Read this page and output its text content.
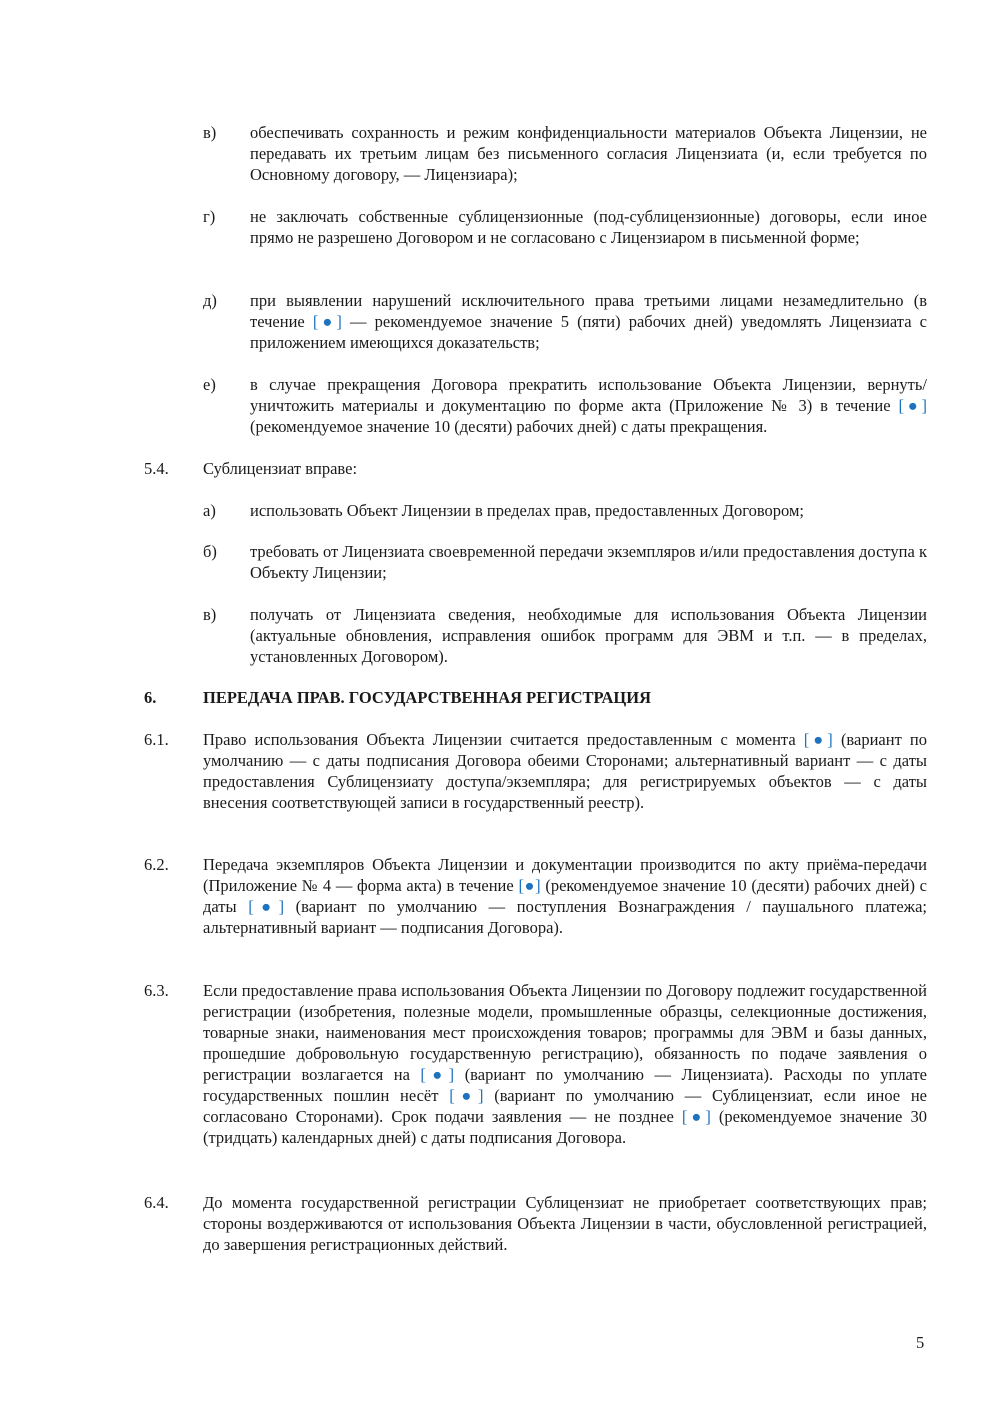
в) обеспечивать сохранность и режим конфиденциальности материалов Объекта Лицензии, не передавать их третьим лицам без письменного согласия Лицензиата (и, если требуется по Основному договору, — Лицензиара);
г) не заключать собственные сублицензионные (под-сублицензионные) договоры, если иное прямо не разрешено Договором и не согласовано с Лицензиаром в письменной форме;
д) при выявлении нарушений исключительного права третьими лицами незамедлительно (в течение [●] — рекомендуемое значение 5 (пяти) рабочих дней) уведомлять Лицензиата с приложением имеющихся доказательств;
е) в случае прекращения Договора прекратить использование Объекта Лицензии, вернуть/уничтожить материалы и документацию по форме акта (Приложение № 3) в течение [●] (рекомендуемое значение 10 (десяти) рабочих дней) с даты прекращения.
5.4. Сублицензиат вправе:
а) использовать Объект Лицензии в пределах прав, предоставленных Договором;
б) требовать от Лицензиата своевременной передачи экземпляров и/или предоставления доступа к Объекту Лицензии;
в) получать от Лицензиата сведения, необходимые для использования Объекта Лицензии (актуальные обновления, исправления ошибок программ для ЭВМ и т.п. — в пределах, установленных Договором).
6.	ПЕРЕДАЧА ПРАВ. ГОСУДАРСТВЕННАЯ РЕГИСТРАЦИЯ
6.1. Право использования Объекта Лицензии считается предоставленным с момента [●] (вариант по умолчанию — с даты подписания Договора обеими Сторонами; альтернативный вариант — с даты предоставления Сублицензиату доступа/экземпляра; для регистрируемых объектов — с даты внесения соответствующей записи в государственный реестр).
6.2. Передача экземпляров Объекта Лицензии и документации производится по акту приёма-передачи (Приложение № 4 — форма акта) в течение [●] (рекомендуемое значение 10 (десяти) рабочих дней) с даты [●] (вариант по умолчанию — поступления Вознаграждения / паушального платежа; альтернативный вариант — подписания Договора).
6.3. Если предоставление права использования Объекта Лицензии по Договору подлежит государственной регистрации (изобретения, полезные модели, промышленные образцы, селекционные достижения, товарные знаки, наименования мест происхождения товаров; программы для ЭВМ и базы данных, прошедшие добровольную государственную регистрацию), обязанность по подаче заявления о регистрации возлагается на [●] (вариант по умолчанию — Лицензиата). Расходы по уплате государственных пошлин несёт [●] (вариант по умолчанию — Сублицензиат, если иное не согласовано Сторонами). Срок подачи заявления — не позднее [●] (рекомендуемое значение 30 (тридцать) календарных дней) с даты подписания Договора.
6.4. До момента государственной регистрации Сублицензиат не приобретает соответствующих прав; стороны воздерживаются от использования Объекта Лицензии в части, обусловленной регистрацией, до завершения регистрационных действий.
5
